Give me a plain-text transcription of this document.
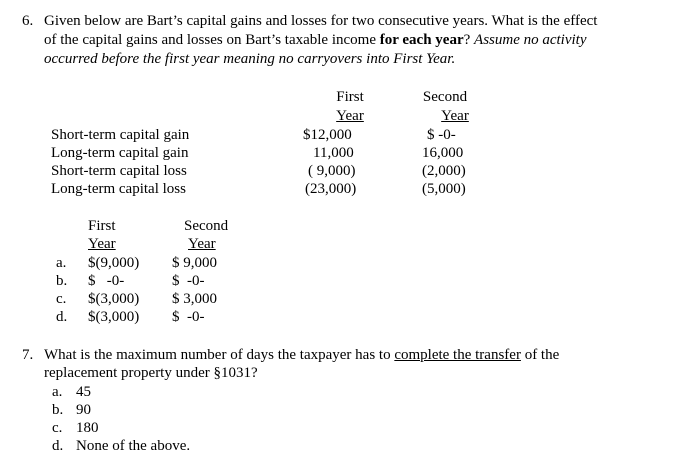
6. Given below are Bart’s capital gains and losses for two consecutive years. What is the effect
of the capital gains and losses on Bart’s taxable income for each year? Assume no activity
occurred before the first year meaning no carryovers into First Year.
First
Year
Second
Year
Short-term capital gain	$12,000	$ -0-
Long-term capital gain	11,000	16,000
Short-term capital loss	( 9,000)	(2,000)
Long-term capital loss	(23,000)	(5,000)
First
Year
Second
Year
a. $(9,000) $ 9,000
b. $   -0-	$  -0-
c. $(3,000) $ 3,000
d. $(3,000) $  -0-
7. What is the maximum number of days the taxpayer has to complete the transfer of the
replacement property under §1031?
a. 45
b. 90
c. 180
d. None of the above.
